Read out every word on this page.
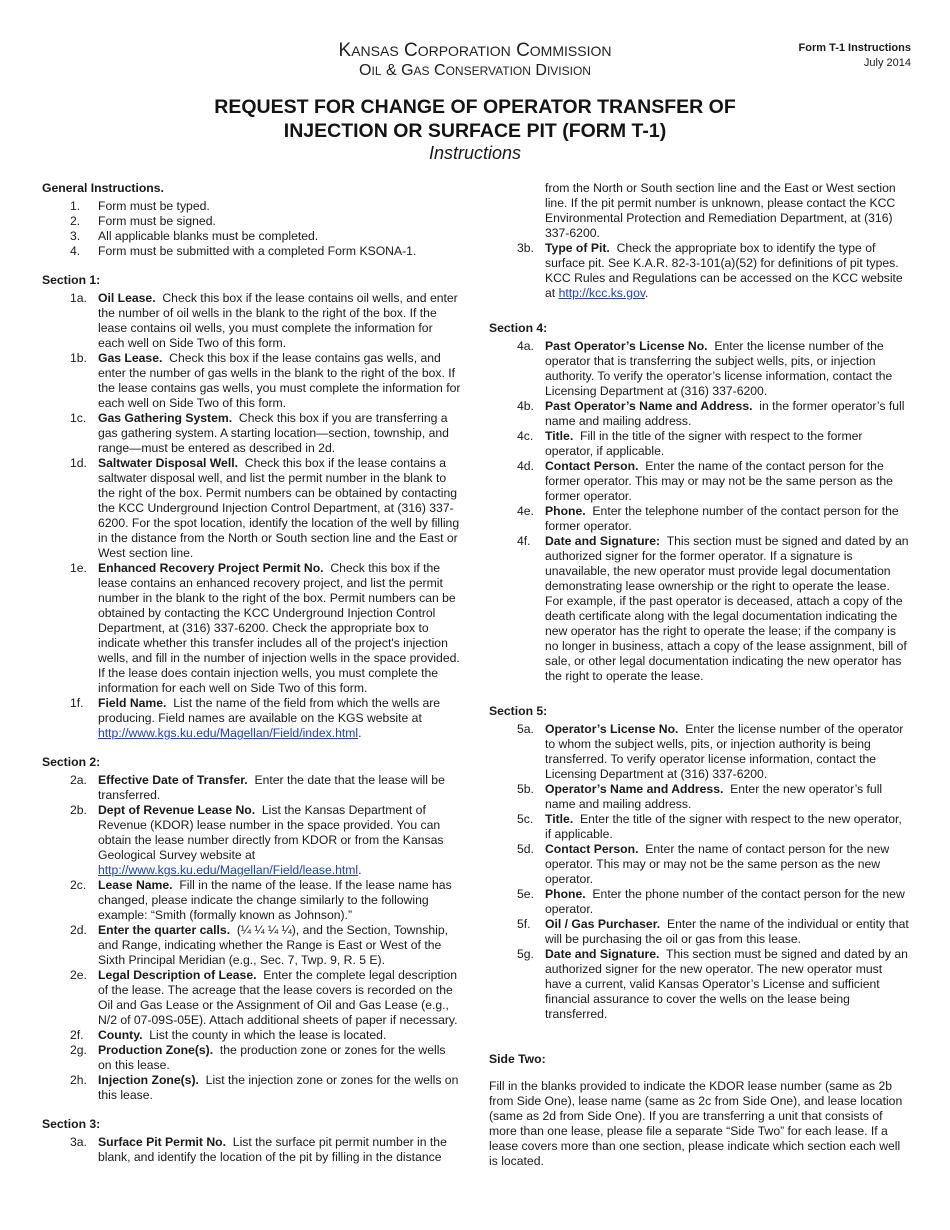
KANSAS CORPORATION COMMISSION
OIL & GAS CONSERVATION DIVISION
Form T-1 Instructions
July 2014
REQUEST FOR CHANGE OF OPERATOR TRANSFER OF
INJECTION OR SURFACE PIT (FORM T-1)
Instructions
General Instructions.
1. Form must be typed.
2. Form must be signed.
3. All applicable blanks must be completed.
4. Form must be submitted with a completed Form KSONA-1.
Section 1:
1a. Oil Lease. Check this box if the lease contains oil wells, and enter the number of oil wells in the blank to the right of the box. If the lease contains oil wells, you must complete the information for each well on Side Two of this form.
1b. Gas Lease. Check this box if the lease contains gas wells, and enter the number of gas wells in the blank to the right of the box. If the lease contains gas wells, you must complete the information for each well on Side Two of this form.
1c. Gas Gathering System. Check this box if you are transferring a gas gathering system. A starting location—section, township, and range—must be entered as described in 2d.
1d. Saltwater Disposal Well. Check this box if the lease contains a saltwater disposal well, and list the permit number in the blank to the right of the box. Permit numbers can be obtained by contacting the KCC Underground Injection Control Department, at (316) 337-6200. For the spot location, identify the location of the well by filling in the distance from the North or South section line and the East or West section line.
1e. Enhanced Recovery Project Permit No. Check this box if the lease contains an enhanced recovery project, and list the permit number in the blank to the right of the box. Permit numbers can be obtained by contacting the KCC Underground Injection Control Department, at (316) 337-6200. Check the appropriate box to indicate whether this transfer includes all of the project's injection wells, and fill in the number of injection wells in the space provided. If the lease does contain injection wells, you must complete the information for each well on Side Two of this form.
1f. Field Name. List the name of the field from which the wells are producing. Field names are available on the KGS website at http://www.kgs.ku.edu/Magellan/Field/index.html.
Section 2:
2a. Effective Date of Transfer. Enter the date that the lease will be transferred.
2b. Dept of Revenue Lease No. List the Kansas Department of Revenue (KDOR) lease number in the space provided. You can obtain the lease number directly from KDOR or from the Kansas Geological Survey website at http://www.kgs.ku.edu/Magellan/Field/lease.html.
2c. Lease Name. Fill in the name of the lease. If the lease name has changed, please indicate the change similarly to the following example: “Smith (formally known as Johnson).”
2d. Enter the quarter calls. (¼ ¼ ¼ ¼), and the Section, Township, and Range, indicating whether the Range is East or West of the Sixth Principal Meridian (e.g., Sec. 7, Twp. 9, R. 5 E).
2e. Legal Description of Lease. Enter the complete legal description of the lease. The acreage that the lease covers is recorded on the Oil and Gas Lease or the Assignment of Oil and Gas Lease (e.g., N/2 of 07-09S-05E). Attach additional sheets of paper if necessary.
2f. County. List the county in which the lease is located.
2g. Production Zone(s). the production zone or zones for the wells on this lease.
2h. Injection Zone(s). List the injection zone or zones for the wells on this lease.
Section 3:
3a. Surface Pit Permit No. List the surface pit permit number in the blank, and identify the location of the pit by filling in the distance
from the North or South section line and the East or West section line. If the pit permit number is unknown, please contact the KCC Environmental Protection and Remediation Department, at (316) 337-6200.
3b. Type of Pit. Check the appropriate box to identify the type of surface pit. See K.A.R. 82-3-101(a)(52) for definitions of pit types. KCC Rules and Regulations can be accessed on the KCC website at http://kcc.ks.gov.
Section 4:
4a. Past Operator’s License No. Enter the license number of the operator that is transferring the subject wells, pits, or injection authority. To verify the operator’s license information, contact the Licensing Department at (316) 337-6200.
4b. Past Operator’s Name and Address. in the former operator’s full name and mailing address.
4c. Title. Fill in the title of the signer with respect to the former operator, if applicable.
4d. Contact Person. Enter the name of the contact person for the former operator. This may or may not be the same person as the former operator.
4e. Phone. Enter the telephone number of the contact person for the former operator.
4f. Date and Signature: This section must be signed and dated by an authorized signer for the former operator. If a signature is unavailable, the new operator must provide legal documentation demonstrating lease ownership or the right to operate the lease. For example, if the past operator is deceased, attach a copy of the death certificate along with the legal documentation indicating the new operator has the right to operate the lease; if the company is no longer in business, attach a copy of the lease assignment, bill of sale, or other legal documentation indicating the new operator has the right to operate the lease.
Section 5:
5a. Operator’s License No. Enter the license number of the operator to whom the subject wells, pits, or injection authority is being transferred. To verify operator license information, contact the Licensing Department at (316) 337-6200.
5b. Operator’s Name and Address. Enter the new operator’s full name and mailing address.
5c. Title. Enter the title of the signer with respect to the new operator, if applicable.
5d. Contact Person. Enter the name of contact person for the new operator. This may or may not be the same person as the new operator.
5e. Phone. Enter the phone number of the contact person for the new operator.
5f. Oil / Gas Purchaser. Enter the name of the individual or entity that will be purchasing the oil or gas from this lease.
5g. Date and Signature. This section must be signed and dated by an authorized signer for the new operator. The new operator must have a current, valid Kansas Operator’s License and sufficient financial assurance to cover the wells on the lease being transferred.
Side Two:
Fill in the blanks provided to indicate the KDOR lease number (same as 2b from Side One), lease name (same as 2c from Side One), and lease location (same as 2d from Side One). If you are transferring a unit that consists of more than one lease, please file a separate “Side Two” for each lease. If a lease covers more than one section, please indicate which section each well is located.
